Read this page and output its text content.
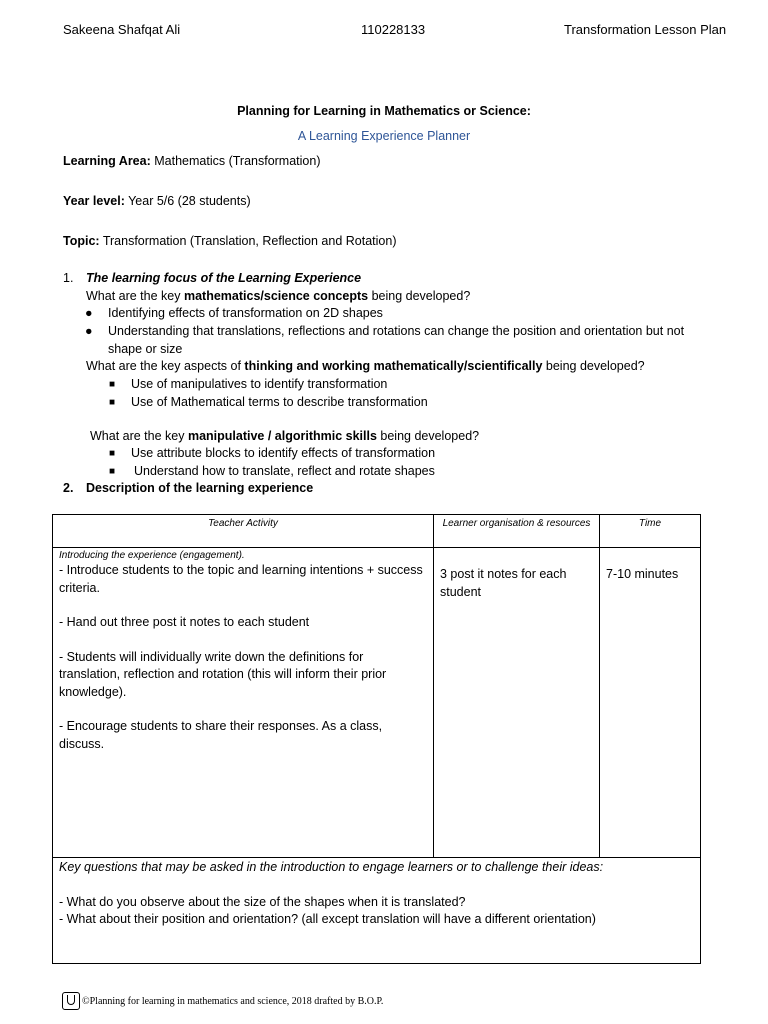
Sakeena Shafqat Ali	110228133	Transformation Lesson Plan
Planning for Learning in Mathematics or Science:
A Learning Experience Planner
Learning Area: Mathematics (Transformation)
Year level: Year 5/6 (28 students)
Topic: Transformation (Translation, Reflection and Rotation)
1. The learning focus of the Learning Experience
What are the key mathematics/science concepts being developed?
● Identifying effects of transformation on 2D shapes
● Understanding that translations, reflections and rotations can change the position and orientation but not
shape or size
What are the key aspects of thinking and working mathematically/scientifically being developed?
■ Use of manipulatives to identify transformation
■ Use of Mathematical terms to describe transformation
What are the key manipulative / algorithmic skills being developed?
■ Use attribute blocks to identify effects of transformation
■ Understand how to translate, reflect and rotate shapes
2. Description of the learning experience
Teacher Activity	Learner organisation & resources	Time

Introducing the experience (engagement).
- Introduce students to the topic and learning intentions + success criteria.
- Hand out three post it notes to each student
- Students will individually write down the definitions for translation, reflection and rotation (this will inform their prior knowledge).
- Encourage students to share their responses. As a class, discuss.	3 post it notes for each student	7-10 minutes

Key questions that may be asked in the introduction to engage learners or to challenge their ideas:
- What do you observe about the size of the shapes when it is translated?
- What about their position and orientation? (all except translation will have a different orientation)		
©Planning for learning in mathematics and science, 2018 drafted by B.O.P.
